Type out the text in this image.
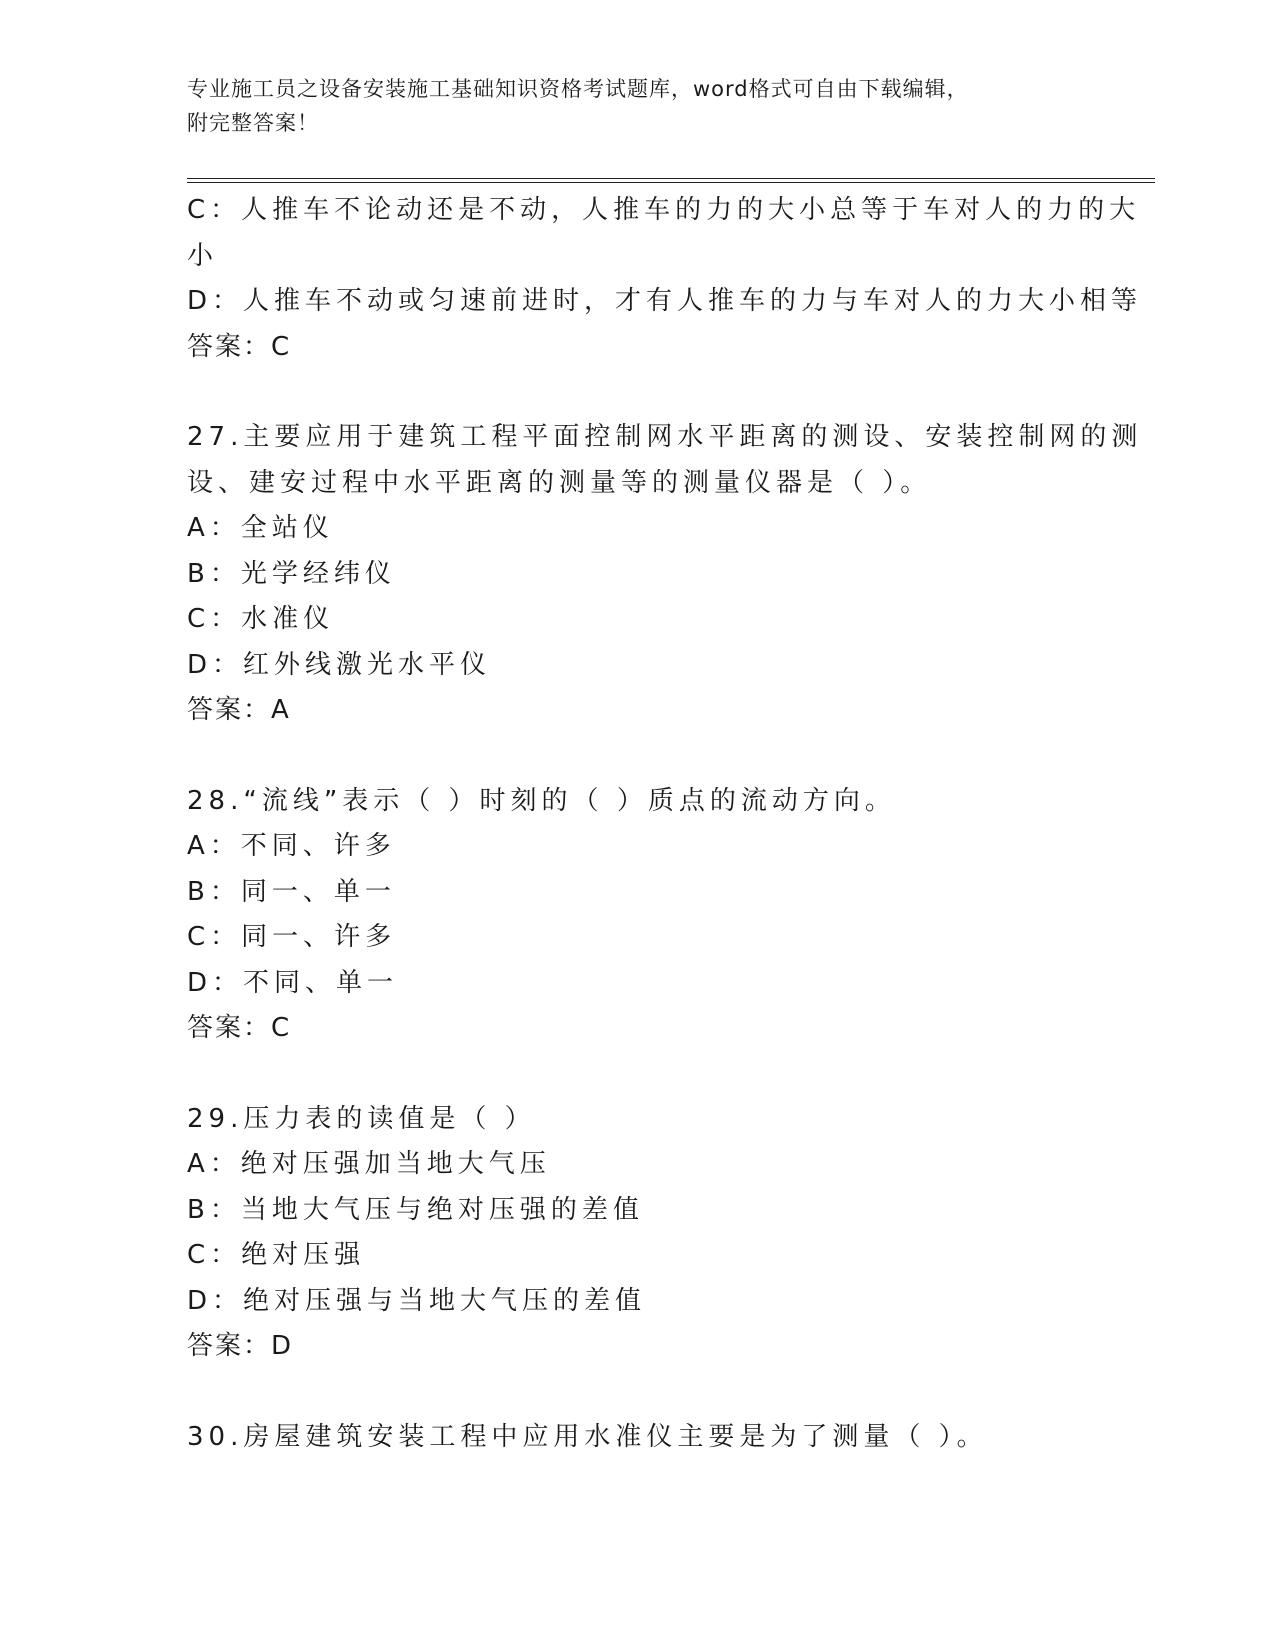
专业施工员之设备安装施工基础知识资格考试题库，word格式可自由下载编辑，
附完整答案！
C：人推车不论动还是不动，人推车的力的大小总等于车对人的力的大
小
D：人推车不动或匀速前进时，才有人推车的力与车对人的力大小相等
答案：C
27.主要应用于建筑工程平面控制网水平距离的测设、安装控制网的测
设、建安过程中水平距离的测量等的测量仪器是（ ）。
A：全站仪
B：光学经纬仪
C：水准仪
D：红外线激光水平仪
答案：A
28.“流线”表示（ ）时刻的（ ）质点的流动方向。
A：不同、许多
B：同一、单一
C：同一、许多
D：不同、单一
答案：C
29.压力表的读值是（ ）
A：绝对压强加当地大气压
B：当地大气压与绝对压强的差值
C：绝对压强
D：绝对压强与当地大气压的差值
答案：D
30.房屋建筑安装工程中应用水准仪主要是为了测量（ ）。
